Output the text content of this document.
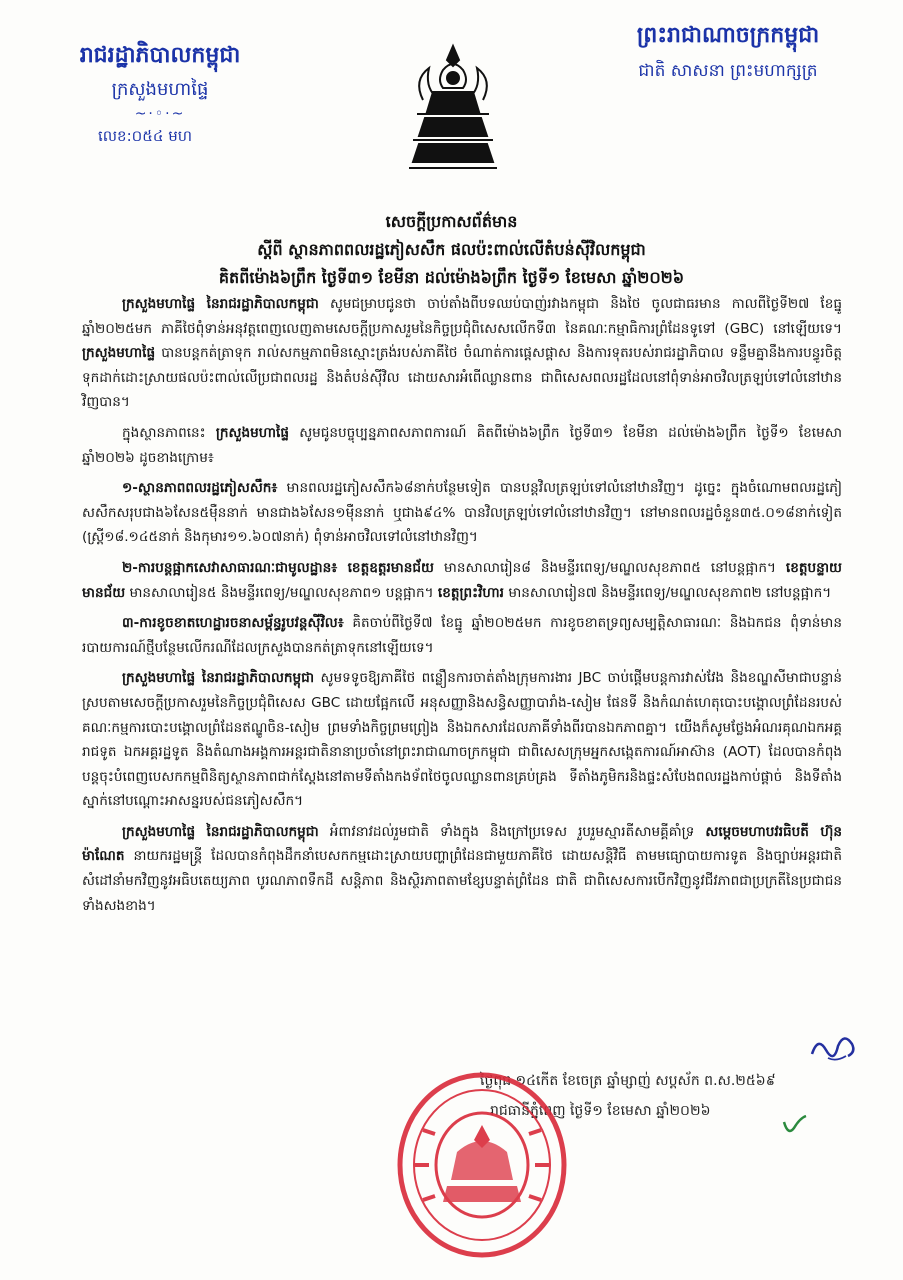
រាជរដ្ឋាភិបាលកម្ពុជា
ក្រសួងមហាផ្ទៃ
~·◦·~
លេខ:០៥៤ មហ
ព្រះរាជាណាចក្រកម្ពុជា
ជាតិ សាសនា ព្រះមហាក្សត្រ
សេចក្តីប្រកាសព័ត៌មាន
ស្តីពី ស្ថានភាពពលរដ្ឋភៀសសឹក ផលប៉ះពាល់លើតំបន់ស៊ីវិលកម្ពុជា
គិតពីម៉ោង៦ព្រឹក ថ្ងៃទី៣១ ខែមីនា ដល់ម៉ោង៦ព្រឹក ថ្ងៃទី១ ខែមេសា ឆ្នាំ២០២៦

ក្រសួងមហាផ្ទៃ នៃរាជរដ្ឋាភិបាលកម្ពុជា សូមជម្រាបជូនថា ចាប់តាំងពីបទឈប់បាញ់រវាងកម្ពុជា និងថៃ ចូលជាធរមាន កាលពីថ្ងៃទី២៧ ខែធ្នូ ឆ្នាំ២០២៥មក ភាគីថៃពុំទាន់អនុវត្តពេញលេញតាមសេចក្តីប្រកាសរួមនៃកិច្ចប្រជុំពិសេសលើកទី៣ នៃគណៈកម្មាធិការព្រំដែនទូទៅ (GBC) នៅឡើយទេ។ ក្រសួងមហាផ្ទៃ បានបន្តកត់ត្រាទុក រាល់សកម្មភាពមិនស្មោះត្រង់របស់ភាគីថៃ ចំណាត់ការផ្តេសផ្តាស និងការទុតរបស់រាជរដ្ឋាភិបាល ទន្ទឹមគ្នានឹងការបន្ធូរចិត្តទុកដាក់ដោះស្រាយផលប៉ះពាល់លើប្រជាពលរដ្ឋ និងតំបន់ស៊ីវិល ដោយសារអំពើឈ្លានពាន ជាពិសេសពលរដ្ឋដែលនៅពុំទាន់អាចវិលត្រឡប់ទៅលំនៅឋានវិញបាន។

ក្នុងស្ថានភាពនេះ ក្រសួងមហាផ្ទៃ សូមជូនបច្ចុប្បន្នភាពសភាពការណ៍ គិតពីម៉ោង៦ព្រឹក ថ្ងៃទី៣១ ខែមីនា ដល់ម៉ោង៦ព្រឹក ថ្ងៃទី១ ខែមេសា ឆ្នាំ២០២៦ ដូចខាងក្រោម៖

១-ស្ថានភាពពលរដ្ឋភៀសសឹក៖ មានពលរដ្ឋភៀសសឹក៦៨នាក់បន្ថែមទៀត បានបន្តវិលត្រឡប់ទៅលំនៅឋានវិញ។ ដូច្នេះ ក្នុងចំណោមពលរដ្ឋភៀសសឹកសរុបជាង៦សែន៥ម៉ឺននាក់ មានជាង៦សែន១ម៉ឺននាក់ ឬជាង៩៤% បានវិលត្រឡប់ទៅលំនៅឋានវិញ។ នៅមានពលរដ្ឋចំនួន៣៥.០១៨នាក់ទៀត (ស្ត្រី១៨.១៤៥នាក់ និងកុមារ១១.៦០៧នាក់) ពុំទាន់អាចវិលទៅលំនៅឋានវិញ។

២-ការបន្តផ្អាកសេវាសាធារណៈជាមូលដ្ឋាន៖ ខេត្តឧត្តរមានជ័យ មានសាលារៀន៨ និងមន្ទីរពេទ្យ/មណ្ឌលសុខភាព៥ នៅបន្តផ្អាក។ ខេត្តបន្ទាយមានជ័យ មានសាលារៀន៥ និងមន្ទីរពេទ្យ/មណ្ឌលសុខភាព១ បន្តផ្អាក។ ខេត្តព្រះវិហារ មានសាលារៀន៧ និងមន្ទីរពេទ្យ/មណ្ឌលសុខភាព២ នៅបន្តផ្អាក។

៣-ការខូចខាតហេដ្ឋារចនាសម្ព័ន្ធរូបវន្តស៊ីវិល៖ គិតចាប់ពីថ្ងៃទី៧ ខែធ្នូ ឆ្នាំ២០២៥មក ការខូចខាតទ្រព្យសម្បត្តិសាធារណៈ និងឯកជន ពុំទាន់មានរបាយការណ៍ថ្មីបន្ថែមលើករណីដែលក្រសួងបានកត់ត្រាទុកនៅឡើយទេ។

ក្រសួងមហាផ្ទៃ នៃរាជរដ្ឋាភិបាលកម្ពុជា សូមទទូចឱ្យភាគីថៃ ពន្លឿនការចាត់តាំងក្រុមការងារ JBC ចាប់ផ្តើមបន្តការវាស់វែង និងខណ្ឌសីមាជាបន្ទាន់ ស្របតាមសេចក្តីប្រកាសរួមនៃកិច្ចប្រជុំពិសេស GBC ដោយផ្អែកលើ អនុសញ្ញានិងសន្ធិសញ្ញាបារាំង-សៀម ផែនទី និងកំណត់ហេតុបោះបង្គោលព្រំដែនរបស់គណៈកម្មការបោះបង្គោលព្រំដែនឥណ្ឌូចិន-សៀម ព្រមទាំងកិច្ចព្រមព្រៀង និងឯកសារដែលភាគីទាំងពីរបានឯកភាពគ្នា។ យើងក៏សូមថ្លែងអំណរគុណឯកអគ្គរាជទូត ឯកអគ្គរដ្ឋទូត និងតំណាងអង្គការអន្តរជាតិនានាប្រចាំនៅព្រះរាជាណាចក្រកម្ពុជា ជាពិសេសក្រុមអ្នកសង្កេតការណ៍អាស៊ាន (AOT) ដែលបានកំពុងបន្តចុះបំពេញបេសកកម្មពិនិត្យស្ថានភាពជាក់ស្តែងនៅតាមទីតាំងកងទ័ពថៃចូលឈ្លានពានគ្រប់គ្រង ទីតាំងភូមិករនិងផ្ទះសំបែងពលរដ្ឋងកាប់ផ្ដាច់ និងទីតាំងស្នាក់នៅបណ្ដោះអាសន្នរបស់ជនភៀសសឹក។

ក្រសួងមហាផ្ទៃ នៃរាជរដ្ឋាភិបាលកម្ពុជា អំពាវនាវដល់រួមជាតិ ទាំងក្នុង និងក្រៅប្រទេស រួបរួមស្មារតីសាមគ្គីគាំទ្រ សម្តេចមហាបវរធិបតី ហ៊ុន ម៉ាណែត នាយករដ្ឋមន្ត្រី ដែលបានកំពុងដឹកនាំបេសកកម្មដោះស្រាយបញ្ហាព្រំដែនជាមួយភាគីថៃ ដោយសន្តិវិធី តាមមធ្យោបាយការទូត និងច្បាប់អន្តរជាតិ សំដៅនាំមកវិញនូវអធិបតេយ្យភាព បូរណភាពទឹកដី សន្តិភាព និងស្ថិរភាពតាមខ្សែបន្ទាត់ព្រំដែន ជាតិ ជាពិសេសការបើកវិញនូវជីវភាពជាប្រក្រតីនៃប្រជាជនទាំងសងខាង។

ថ្ងៃពុធ ១៤កើត ខែចេត្រ ឆ្នាំម្សាញ់ សប្តស័ក ព.ស.២៥៦៩
រាជធានីភ្នំពេញ ថ្ងៃទី១ ខែមេសា ឆ្នាំ២០២៦
